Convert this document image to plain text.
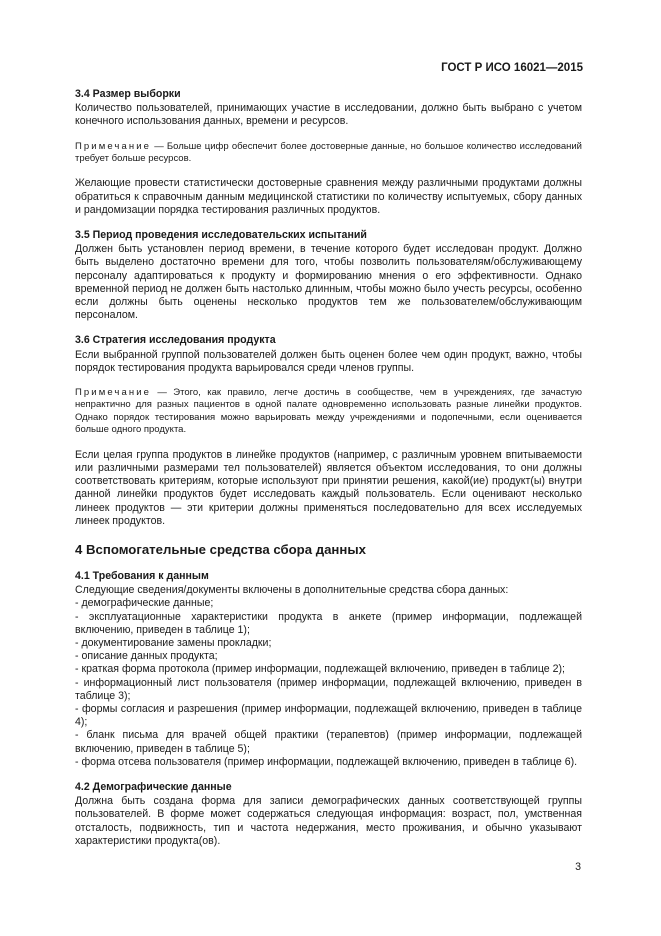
ГОСТ Р ИСО 16021—2015

3.4 Размер выборки

Количество пользователей, принимающих участие в исследовании, должно быть выбрано с учетом конечного использования данных, времени и ресурсов.

Примечание — Больше цифр обеспечит более достоверные данные, но большое количество исследований требует больше ресурсов.

Желающие провести статистически достоверные сравнения между различными продуктами должны обратиться к справочным данным медицинской статистики по количеству испытуемых, сбору данных и рандомизации порядка тестирования различных продуктов.

3.5 Период проведения исследовательских испытаний

Должен быть установлен период времени, в течение которого будет исследован продукт. Должно быть выделено достаточно времени для того, чтобы позволить пользователям/обслуживающему персоналу адаптироваться к продукту и формированию мнения о его эффективности. Однако временной период не должен быть настолько длинным, чтобы можно было учесть ресурсы, особенно если должны быть оценены несколько продуктов тем же пользователем/обслуживающим персоналом.

3.6 Стратегия исследования продукта

Если выбранной группой пользователей должен быть оценен более чем один продукт, важно, чтобы порядок тестирования продукта варьировался среди членов группы.

Примечание — Этого, как правило, легче достичь в сообществе, чем в учреждениях, где зачастую непрактично для разных пациентов в одной палате одновременно использовать разные линейки продуктов. Однако порядок тестирования можно варьировать между учреждениями и подопечными, если оценивается больше одного продукта.

Если целая группа продуктов в линейке продуктов (например, с различным уровнем впитываемости или различными размерами тел пользователей) является объектом исследования, то они должны соответствовать критериям, которые используют при принятии решения, какой(ие) продукт(ы) внутри данной линейки продуктов будет исследовать каждый пользователь. Если оценивают несколько линеек продуктов — эти критерии должны применяться последовательно для всех исследуемых линеек продуктов.

4 Вспомогательные средства сбора данных

4.1 Требования к данным

Следующие сведения/документы включены в дополнительные средства сбора данных:

- демографические данные;
- эксплуатационные характеристики продукта в анкете (пример информации, подлежащей включению, приведен в таблице 1);
- документирование замены прокладки;
- описание данных продукта;
- краткая форма протокола (пример информации, подлежащей включению, приведен в таблице 2);
- информационный лист пользователя (пример информации, подлежащей включению, приведен в таблице 3);
- формы согласия и разрешения (пример информации, подлежащей включению, приведен в таблице 4);
- бланк письма для врачей общей практики (терапевтов) (пример информации, подлежащей включению, приведен в таблице 5);
- форма отсева пользователя (пример информации, подлежащей включению, приведен в таблице 6).

4.2 Демографические данные

Должна быть создана форма для записи демографических данных соответствующей группы пользователей. В форме может содержаться следующая информация: возраст, пол, умственная отсталость, подвижность, тип и частота недержания, место проживания, и обычно указывают характеристики продукта(ов).

3
